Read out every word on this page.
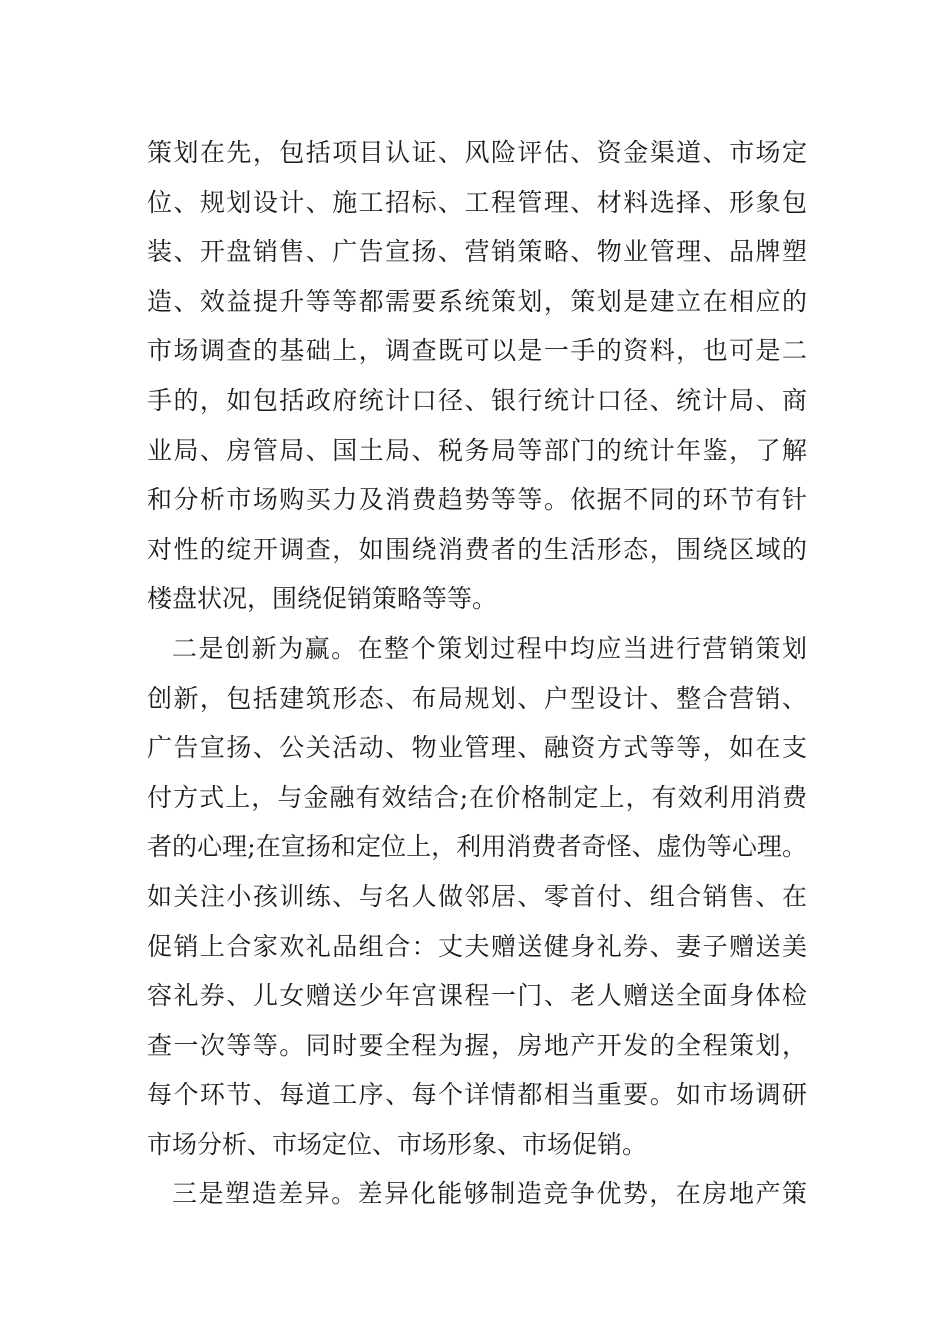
策划在先，包括项目认证、风险评估、资金渠道、市场定
位、规划设计、施工招标、工程管理、材料选择、形象包
装、开盘销售、广告宣扬、营销策略、物业管理、品牌塑
造、效益提升等等都需要系统策划，策划是建立在相应的
市场调查的基础上，调查既可以是一手的资料，也可是二
手的，如包括政府统计口径、银行统计口径、统计局、商
业局、房管局、国土局、税务局等部门的统计年鉴，了解
和分析市场购买力及消费趋势等等。依据不同的环节有针
对性的绽开调查，如围绕消费者的生活形态，围绕区域的
楼盘状况，围绕促销策略等等。
二是创新为赢。在整个策划过程中均应当进行营销策划
创新，包括建筑形态、布局规划、户型设计、整合营销、
广告宣扬、公关活动、物业管理、融资方式等等，如在支
付方式上，与金融有效结合;在价格制定上，有效利用消费
者的心理;在宣扬和定位上，利用消费者奇怪、虚伪等心理。
如关注小孩训练、与名人做邻居、零首付、组合销售、在
促销上合家欢礼品组合：丈夫赠送健身礼券、妻子赠送美
容礼券、儿女赠送少年宫课程一门、老人赠送全面身体检
查一次等等。同时要全程为握，房地产开发的全程策划，
每个环节、每道工序、每个详情都相当重要。如市场调研
市场分析、市场定位、市场形象、市场促销。
三是塑造差异。差异化能够制造竞争优势，在房地产策
